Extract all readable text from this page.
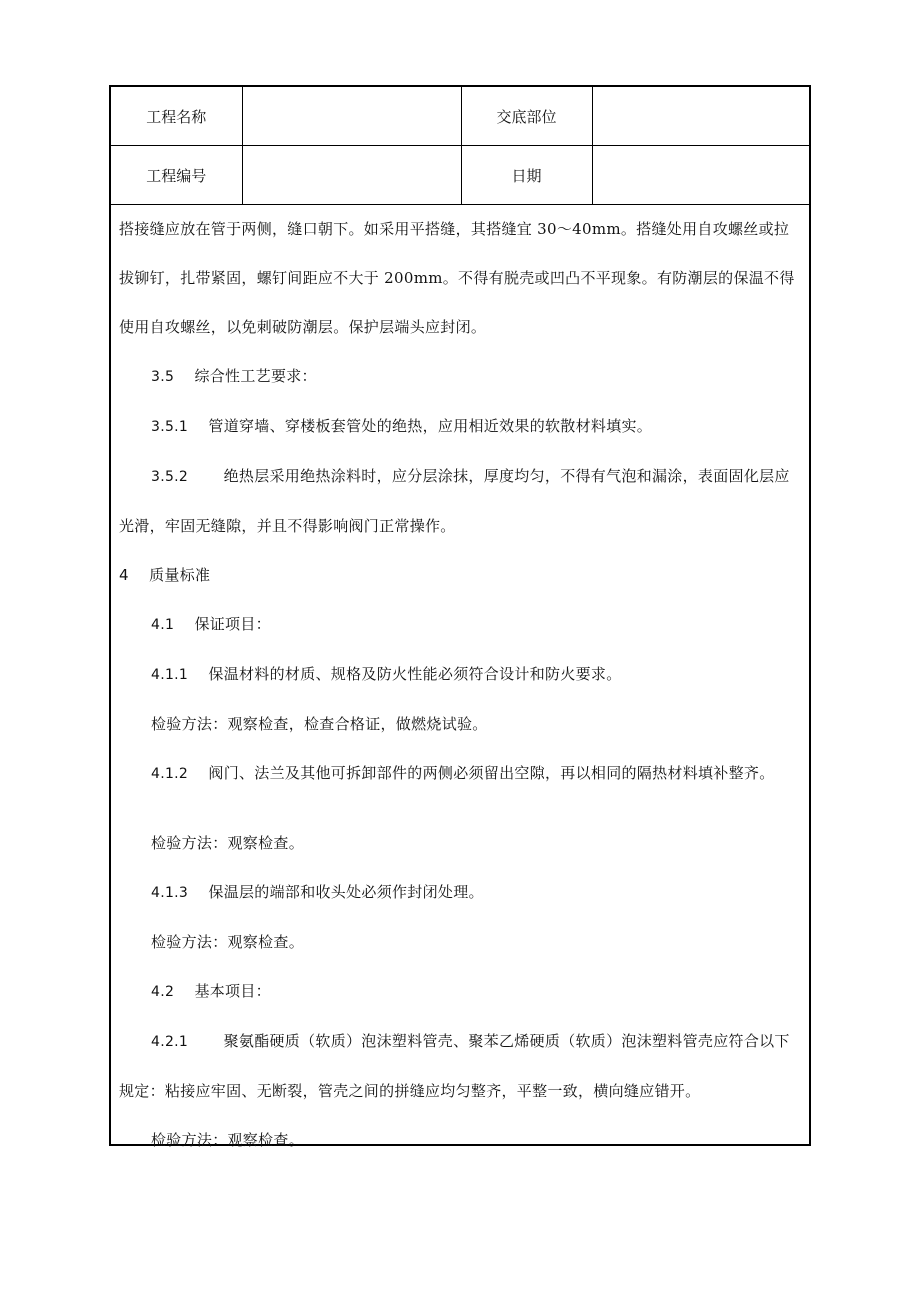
工程名称		交底部位	
工程编号		日期	

搭接缝应放在管于两侧，缝口朝下。如采用平搭缝，其搭缝宜 30～40mm。搭缝处用自攻螺丝或拉拔铆钉，扎带紧固，螺钉间距应不大于 200mm。不得有脱壳或凹凸不平现象。有防潮层的保温不得使用自攻螺丝，以免刺破防潮层。保护层端头应封闭。

3.5 综合性工艺要求：

3.5.1 管道穿墙、穿楼板套管处的绝热，应用相近效果的软散材料填实。

3.5.2 绝热层采用绝热涂料时，应分层涂抹，厚度均匀，不得有气泡和漏涂，表面固化层应光滑，牢固无缝隙，并且不得影响阀门正常操作。

4 质量标准

4.1 保证项目：

4.1.1 保温材料的材质、规格及防火性能必须符合设计和防火要求。

检验方法：观察检查，检查合格证，做燃烧试验。

4.1.2 阀门、法兰及其他可拆卸部件的两侧必须留出空隙，再以相同的隔热材料填补整齐。

检验方法：观察检查。

4.1.3 保温层的端部和收头处必须作封闭处理。

检验方法：观察检查。

4.2 基本项目：

4.2.1 聚氨酯硬质（软质）泡沫塑料管壳、聚苯乙烯硬质（软质）泡沫塑料管壳应符合以下规定：粘接应牢固、无断裂，管壳之间的拼缝应均匀整齐，平整一致，横向缝应错开。

检验方法：观察检查。
